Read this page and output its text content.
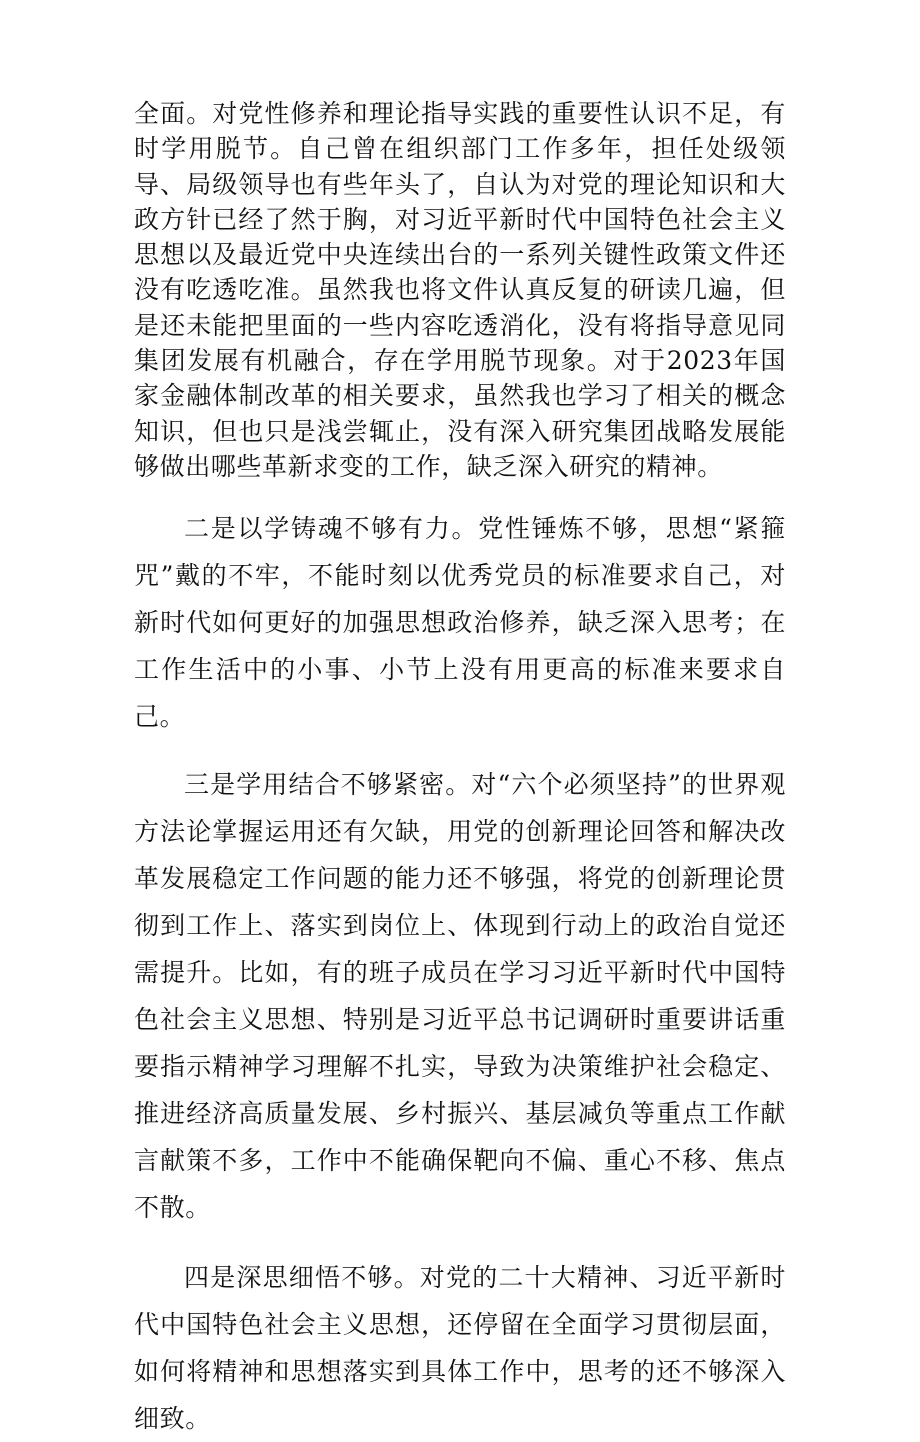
全面。对党性修养和理论指导实践的重要性认识不足，有时学用脱节。自己曾在组织部门工作多年，担任处级领导、局级领导也有些年头了，自认为对党的理论知识和大政方针已经了然于胸，对习近平新时代中国特色社会主义思想以及最近党中央连续出台的一系列关键性政策文件还没有吃透吃准。虽然我也将文件认真反复的研读几遍，但是还未能把里面的一些内容吃透消化，没有将指导意见同集团发展有机融合，存在学用脱节现象。对于2023年国家金融体制改革的相关要求，虽然我也学习了相关的概念知识，但也只是浅尝辄止，没有深入研究集团战略发展能够做出哪些革新求变的工作，缺乏深入研究的精神。

二是以学铸魂不够有力。党性锤炼不够，思想“紧箍咒”戴的不牢，不能时刻以优秀党员的标准要求自己，对新时代如何更好的加强思想政治修养，缺乏深入思考；在工作生活中的小事、小节上没有用更高的标准来要求自己。

三是学用结合不够紧密。对“六个必须坚持”的世界观方法论掌握运用还有欠缺，用党的创新理论回答和解决改革发展稳定工作问题的能力还不够强，将党的创新理论贯彻到工作上、落实到岗位上、体现到行动上的政治自觉还需提升。比如，有的班子成员在学习习近平新时代中国特色社会主义思想、特别是习近平总书记调研时重要讲话重要指示精神学习理解不扎实，导致为决策维护社会稳定、推进经济高质量发展、乡村振兴、基层减负等重点工作献言献策不多，工作中不能确保靶向不偏、重心不移、焦点不散。

四是深思细悟不够。对党的二十大精神、习近平新时代中国特色社会主义思想，还停留在全面学习贯彻层面，如何将精神和思想落实到具体工作中，思考的还不够深入细致。
